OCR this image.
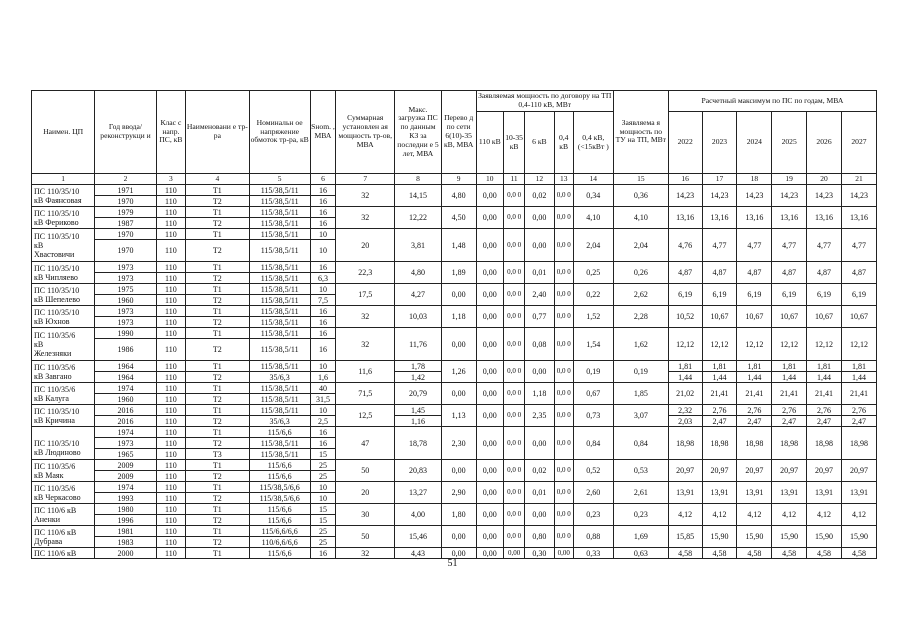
Наимен. ЦП	Год ввода/ реконструкци и	Клас с напр. ПС, кВ	Наименовани е тр-ра	Номинальн ое напряжение обмоток тр-ра, кВ	Sнom. , МВА	Суммарная установлен ая мощность тр-ов, МВА	Макс. загрузка ПС по данным КЗ за последни е 5 лет, МВА	Перево д по сети 6(10)-35 кВ, МВА	Заявляемая мощность по договору на ТП 0,4-110 кВ, МВт					Заявляема я мощность по ТУ на ТП, МВт	Расчетный максимум по ПС по годам, МВА					
									110 кВ	10-35 кВ	6 кВ	0,4 кВ	0,4 кВ, (<15кВт )		2022	2023	2024	2025	2026	2027
1	2	3	4	5	6	7	8	9	10	11	12	13	14	15	16	17	18	19	20	21

ПС 110/35/10
кВ Фаянсовая	1971	110	T1	115/38,5/11	16	32	14,15	4,80	0,00	0,0 0	0,02	0,0 0	0,34	0,36	14,23	14,23	14,23	14,23	14,23	14,23
	1970	110	T2	115/38,5/11	16															

ПС 110/35/10
кВ Фериково	1979	110	T1	115/38,5/11	16	32	12,22	4,50	0,00	0,0 0	0,00	0,0 0	4,10	4,10	13,16	13,16	13,16	13,16	13,16	13,16
	1987	110	T2	115/38,5/11	16															

ПС 110/35/10
кВ
Хвастовичи	1970	110	T1	115/38,5/11	10	20	3,81	1,48	0,00	0,0 0	0,00	0,0 0	2,04	2,04	4,76	4,77	4,77	4,77	4,77	4,77
	1970	110	T2	115/38,5/11	10															

ПС 110/35/10
кВ Чипляево	1973	110	T1	115/38,5/11	16	22,3	4,80	1,89	0,00	0,0 0	0,01	0,0 0	0,25	0,26	4,87	4,87	4,87	4,87	4,87	4,87
	1973	110	T2	115/38,5/11	6,3															

ПС 110/35/10
кВ Шепелево	1975	110	T1	115/38,5/11	10	17,5	4,27	0,00	0,00	0,0 0	2,40	0,0 0	0,22	2,62	6,19	6,19	6,19	6,19	6,19	6,19
	1960	110	T2	115/38,5/11	7,5															

ПС 110/35/10
кВ Юхнов	1973	110	T1	115/38,5/11	16	32	10,03	1,18	0,00	0,0 0	0,77	0,0 0	1,52	2,28	10,52	10,67	10,67	10,67	10,67	10,67
	1973	110	T2	115/38,5/11	16															

ПС 110/35/6
кВ
Железняки	1990	110	T1	115/38,5/11	16	32	11,76	0,00	0,00	0,0 0	0,08	0,0 0	1,54	1,62	12,12	12,12	12,12	12,12	12,12	12,12
	1986	110	T2	115/38,5/11	16															

ПС 110/35/6
кВ Завгано	1964	110	T1	115/38,5/11	10	11,6	1,78	1,26	0,00	0,0 0	0,00	0,0 0	0,19	0,19	1,81	1,81	1,81	1,81	1,81	1,81
	1964	110	T2	35/6,3	1,6		1,42								1,44	1,44	1,44	1,44	1,44	1,44

ПС 110/35/6
кВ Калуга	1974	110	T1	115/38,5/11	40	71,5	20,79	0,00	0,00	0,0 0	1,18	0,0 0	0,67	1,85	21,02	21,41	21,41	21,41	21,41	21,41
	1960	110	T2	115/38,5/11	31,5															

ПС 110/35/10
кВ Кричина	2016	110	T1	115/38,5/11	10	12,5	1,45	1,13	0,00	0,0 0	2,35	0,0 0	0,73	3,07	2,32	2,76	2,76	2,76	2,76	2,76
	2016	110	T2	35/6,3	2,5		1,16								2,03	2,47	2,47	2,47	2,47	2,47

ПС 110/35/10
кВ Людиново	1974	110	T1	115/6,6	16	47	18,78	2,30	0,00	0,0 0	0,00	0,0 0	0,84	0,84	18,98	18,98	18,98	18,98	18,98	18,98
	1973	110	T2	115/38,5/11	16															
	1965	110	T3	115/38,5/11	15															

ПС 110/35/6
кВ Маяк	2009	110	T1	115/6,6	25	50	20,83	0,00	0,00	0,0 0	0,02	0,0 0	0,52	0,53	20,97	20,97	20,97	20,97	20,97	20,97
	2009	110	T2	115/6,6	25															

ПС 110/35/6
кВ Черкасово	1974	110	T1	115/38,5/6,6	10	20	13,27	2,90	0,00	0,0 0	0,01	0,0 0	2,60	2,61	13,91	13,91	13,91	13,91	13,91	13,91
	1993	110	T2	115/38,5/6,6	10															

ПС 110/6 кВ
Аненки	1980	110	T1	115/6,6	15	30	4,00	1,80	0,00	0,0 0	0,00	0,0 0	0,23	0,23	4,12	4,12	4,12	4,12	4,12	4,12
	1996	110	T2	115/6,6	15															

ПС 110/6 кВ
Дубрава	1981	110	T1	115/6,6/6,6	25	50	15,46	0,00	0,00	0,0 0	0,80	0,0 0	0,88	1,69	15,85	15,90	15,90	15,90	15,90	15,90
	1983	110	T2	110/6,6/6,6	25															

ПС 110/6 кВ	2000	110	T1	115/6,6	16	32	4,43	0,00	0,00	0,00	0,30	0,00	0,33	0,63	4,58	4,58	4,58	4,58	4,58	4,58
51
